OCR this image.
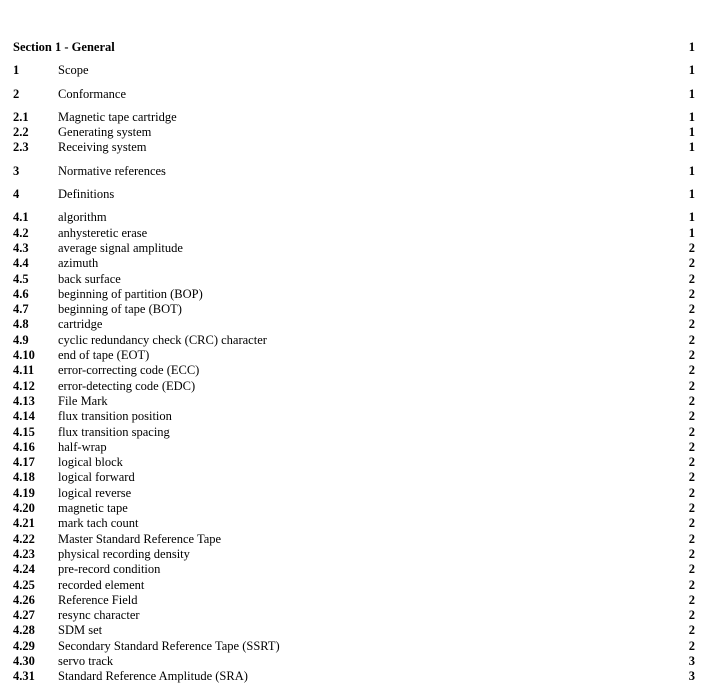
Section 1 - General	1
1	Scope	1
2	Conformance	1
2.1 Magnetic tape cartridge	1
2.2 Generating system	1
2.3 Receiving system	1
3	Normative references	1
4	Definitions	1
4.1 algorithm	1
4.2 anhysteretic erase	1
4.3 average signal amplitude	2
4.4 azimuth	2
4.5 back surface	2
4.6 beginning of partition (BOP)	2
4.7 beginning of tape (BOT)	2
4.8 cartridge	2
4.9 cyclic redundancy check (CRC) character	2
4.10 end of tape (EOT)	2
4.11 error-correcting code (ECC)	2
4.12 error-detecting code (EDC)	2
4.13 File Mark	2
4.14 flux transition position	2
4.15 flux transition spacing	2
4.16 half-wrap	2
4.17 logical block	2
4.18 logical forward	2
4.19 logical reverse	2
4.20 magnetic tape	2
4.21 mark tach count	2
4.22 Master Standard Reference Tape	2
4.23 physical recording density	2
4.24 pre-record condition	2
4.25 recorded element	2
4.26 Reference Field	2
4.27 resync character	2
4.28 SDM set	2
4.29 Secondary Standard Reference Tape (SSRT)	2
4.30 servo track	3
4.31 Standard Reference Amplitude (SRA)	3
